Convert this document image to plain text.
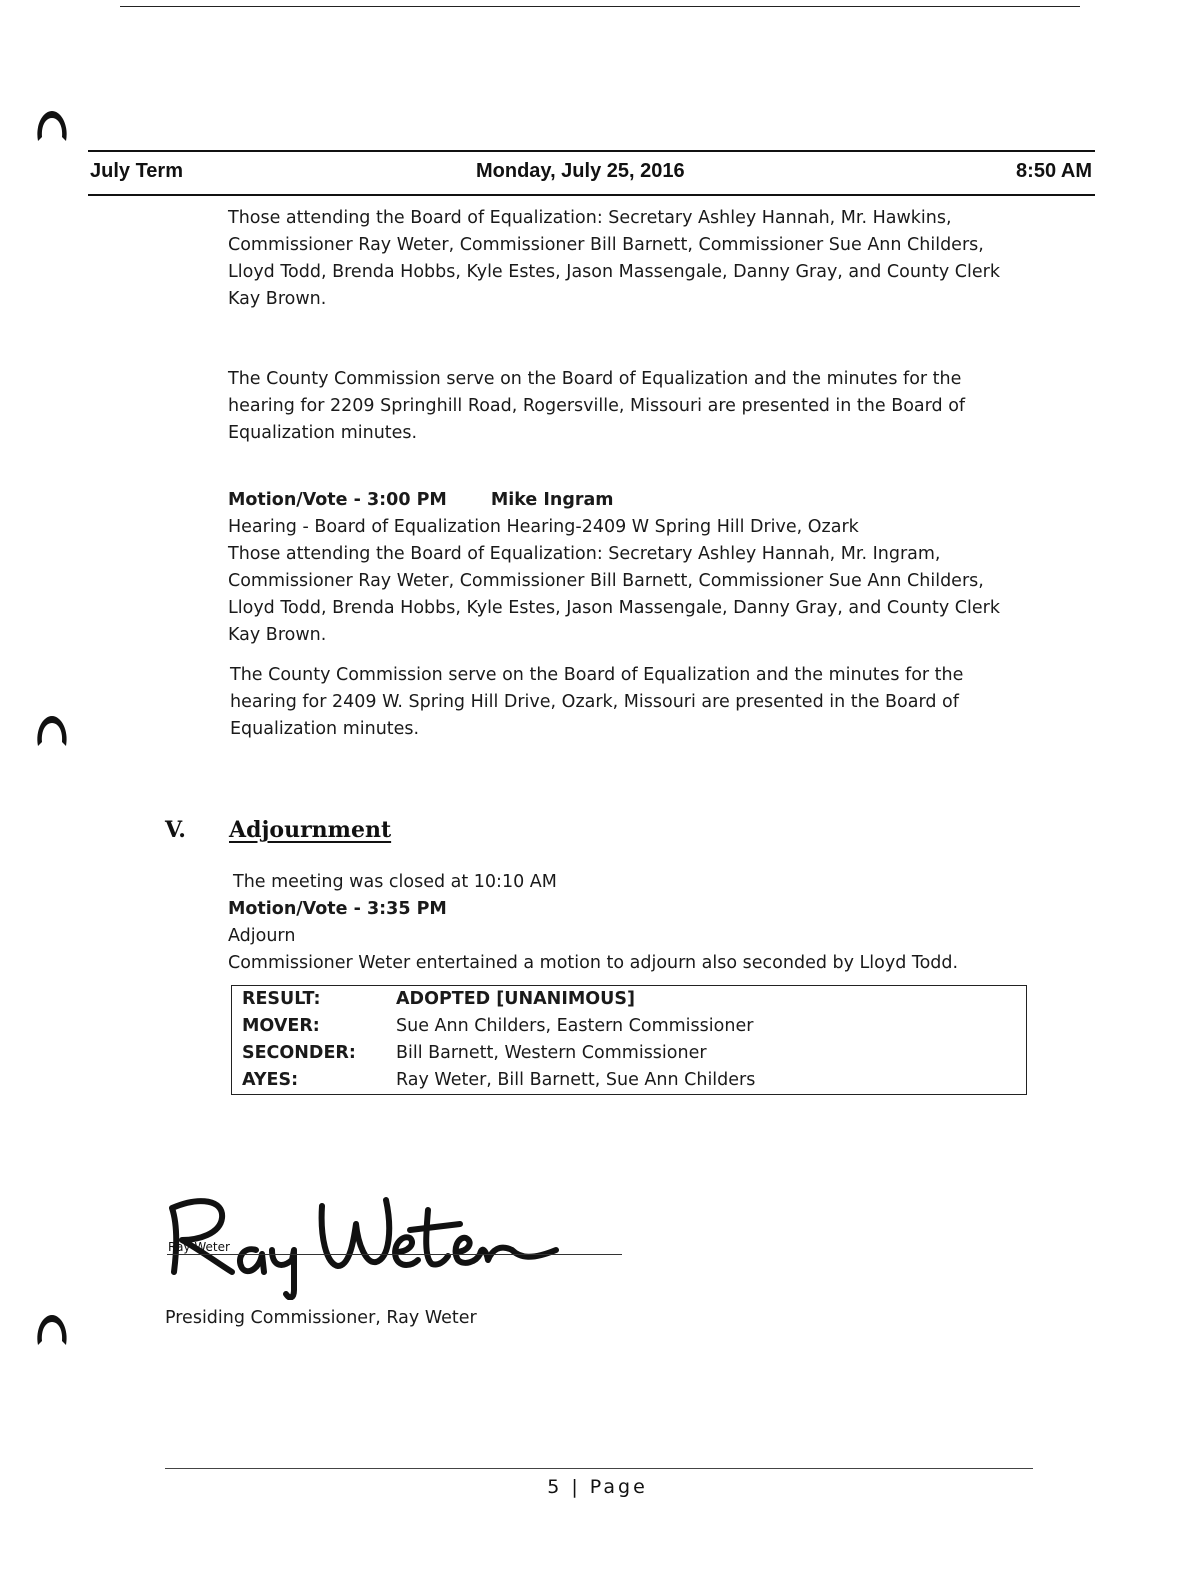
July Term	Monday, July 25, 2016	8:50 AM
Those attending the Board of Equalization: Secretary Ashley Hannah, Mr. Hawkins,
Commissioner Ray Weter, Commissioner Bill Barnett, Commissioner Sue Ann Childers,
Lloyd Todd, Brenda Hobbs, Kyle Estes, Jason Massengale, Danny Gray, and County Clerk
Kay Brown.
The County Commission serve on the Board of Equalization and the minutes for the
hearing for 2209 Springhill Road, Rogersville, Missouri are presented in the Board of
Equalization minutes.
Motion/Vote - 3:00 PM	Mike Ingram
Hearing - Board of Equalization Hearing-2409 W Spring Hill Drive, Ozark
Those attending the Board of Equalization: Secretary Ashley Hannah, Mr. Ingram,
Commissioner Ray Weter, Commissioner Bill Barnett, Commissioner Sue Ann Childers,
Lloyd Todd, Brenda Hobbs, Kyle Estes, Jason Massengale, Danny Gray, and County Clerk
Kay Brown.
The County Commission serve on the Board of Equalization and the minutes for the
hearing for 2409 W. Spring Hill Drive, Ozark, Missouri are presented in the Board of
Equalization minutes.
V. Adjournment
The meeting was closed at 10:10 AM
Motion/Vote - 3:35 PM
Adjourn
Commissioner Weter entertained a motion to adjourn also seconded by Lloyd Todd.
RESULT:	ADOPTED [UNANIMOUS]
MOVER:	Sue Ann Childers, Eastern Commissioner
SECONDER:	Bill Barnett, Western Commissioner
AYES:	Ray Weter, Bill Barnett, Sue Ann Childers
Ray Weter
Presiding Commissioner, Ray Weter
5 | Page
